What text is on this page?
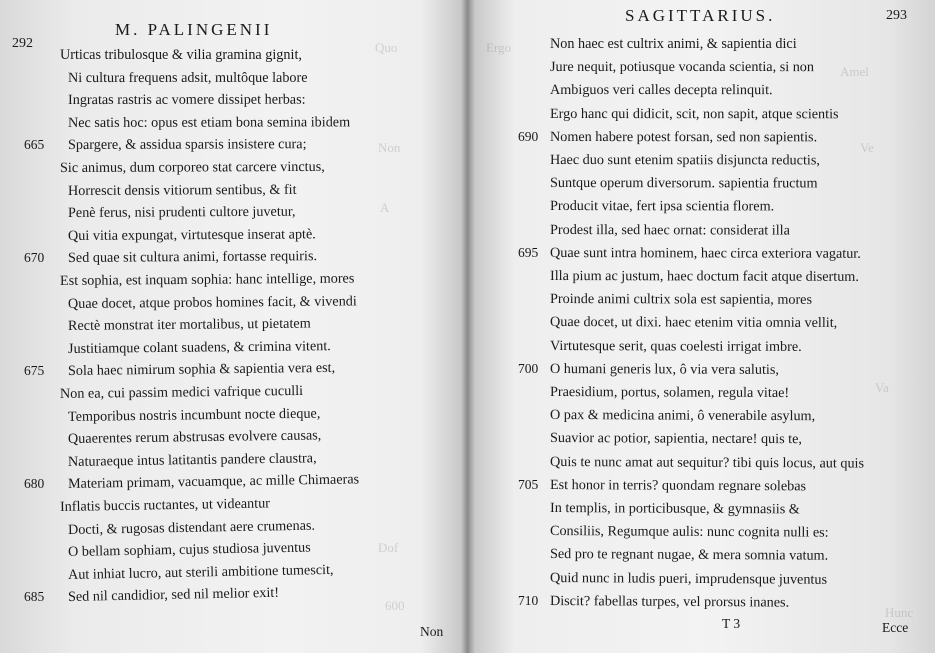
Quo
Non
A
Dof
600
Ergo
Amel
Ve
Va
Hunc
292
M. PALINGENII
Urticas tribulosque & vilia gramina gignit,
Ni cultura frequens adsit, multôque labore
Ingratas rastris ac vomere dissipet herbas:
Nec satis hoc: opus est etiam bona semina ibidem
Spargere, & assidua sparsis insistere cura;
665
Sic animus, dum corporeo stat carcere vinctus,
Horrescit densis vitiorum sentibus, & fit
Penè ferus, nisi prudenti cultore juvetur,
Qui vitia expungat, virtutesque inserat aptè.
Sed quae sit cultura animi, fortasse requiris.
670
Est sophia, est inquam sophia: hanc intellige, mores
Quae docet, atque probos homines facit, & vivendi
Rectè monstrat iter mortalibus, ut pietatem
Justitiamque colant suadens, & crimina vitent.
Sola haec nimirum sophia & sapientia vera est,
675
Non ea, cui passim medici vafrique cuculli
Temporibus nostris incumbunt nocte dieque,
Quaerentes rerum abstrusas evolvere causas,
Naturaeque intus latitantis pandere claustra,
Materiam primam, vacuamque, ac mille Chimaeras
680
Inflatis buccis ructantes, ut videantur
Docti, & rugosas distendant aere crumenas.
O bellam sophiam, cujus studiosa juventus
Aut inhiat lucro, aut sterili ambitione tumescit,
Sed nil candidior, sed nil melior exit!
685
Non
SAGITTARIUS.	293
Non haec est cultrix animi, & sapientia dici
Jure nequit, potiusque vocanda scientia, si non
Ambiguos veri calles decepta relinquit.
Ergo hanc qui didicit, scit, non sapit, atque scientis
Nomen habere potest forsan, sed non sapientis.
690
Haec duo sunt etenim spatiis disjuncta reductis,
Suntque operum diversorum. sapientia fructum
Producit vitae, fert ipsa scientia florem.
Prodest illa, sed haec ornat: considerat illa
Quae sunt intra hominem, haec circa exteriora vagatur.
695
Illa pium ac justum, haec doctum facit atque disertum.
Proinde animi cultrix sola est sapientia, mores
Quae docet, ut dixi. haec etenim vitia omnia vellit,
Virtutesque serit, quas coelesti irrigat imbre.
O humani generis lux, ô via vera salutis,
700
Praesidium, portus, solamen, regula vitae!
O pax & medicina animi, ô venerabile asylum,
Suavior ac potior, sapientia, nectare! quis te,
Quis te nunc amat aut sequitur? tibi quis locus, aut quis
Est honor in terris? quondam regnare solebas
705
In templis, in porticibusque, & gymnasiis &
Consiliis, Regumque aulis: nunc cognita nulli es:
Sed pro te regnant nugae, & mera somnia vatum.
Quid nunc in ludis pueri, imprudensque juventus
Discit? fabellas turpes, vel prorsus inanes.
710
T 3	Ecce
